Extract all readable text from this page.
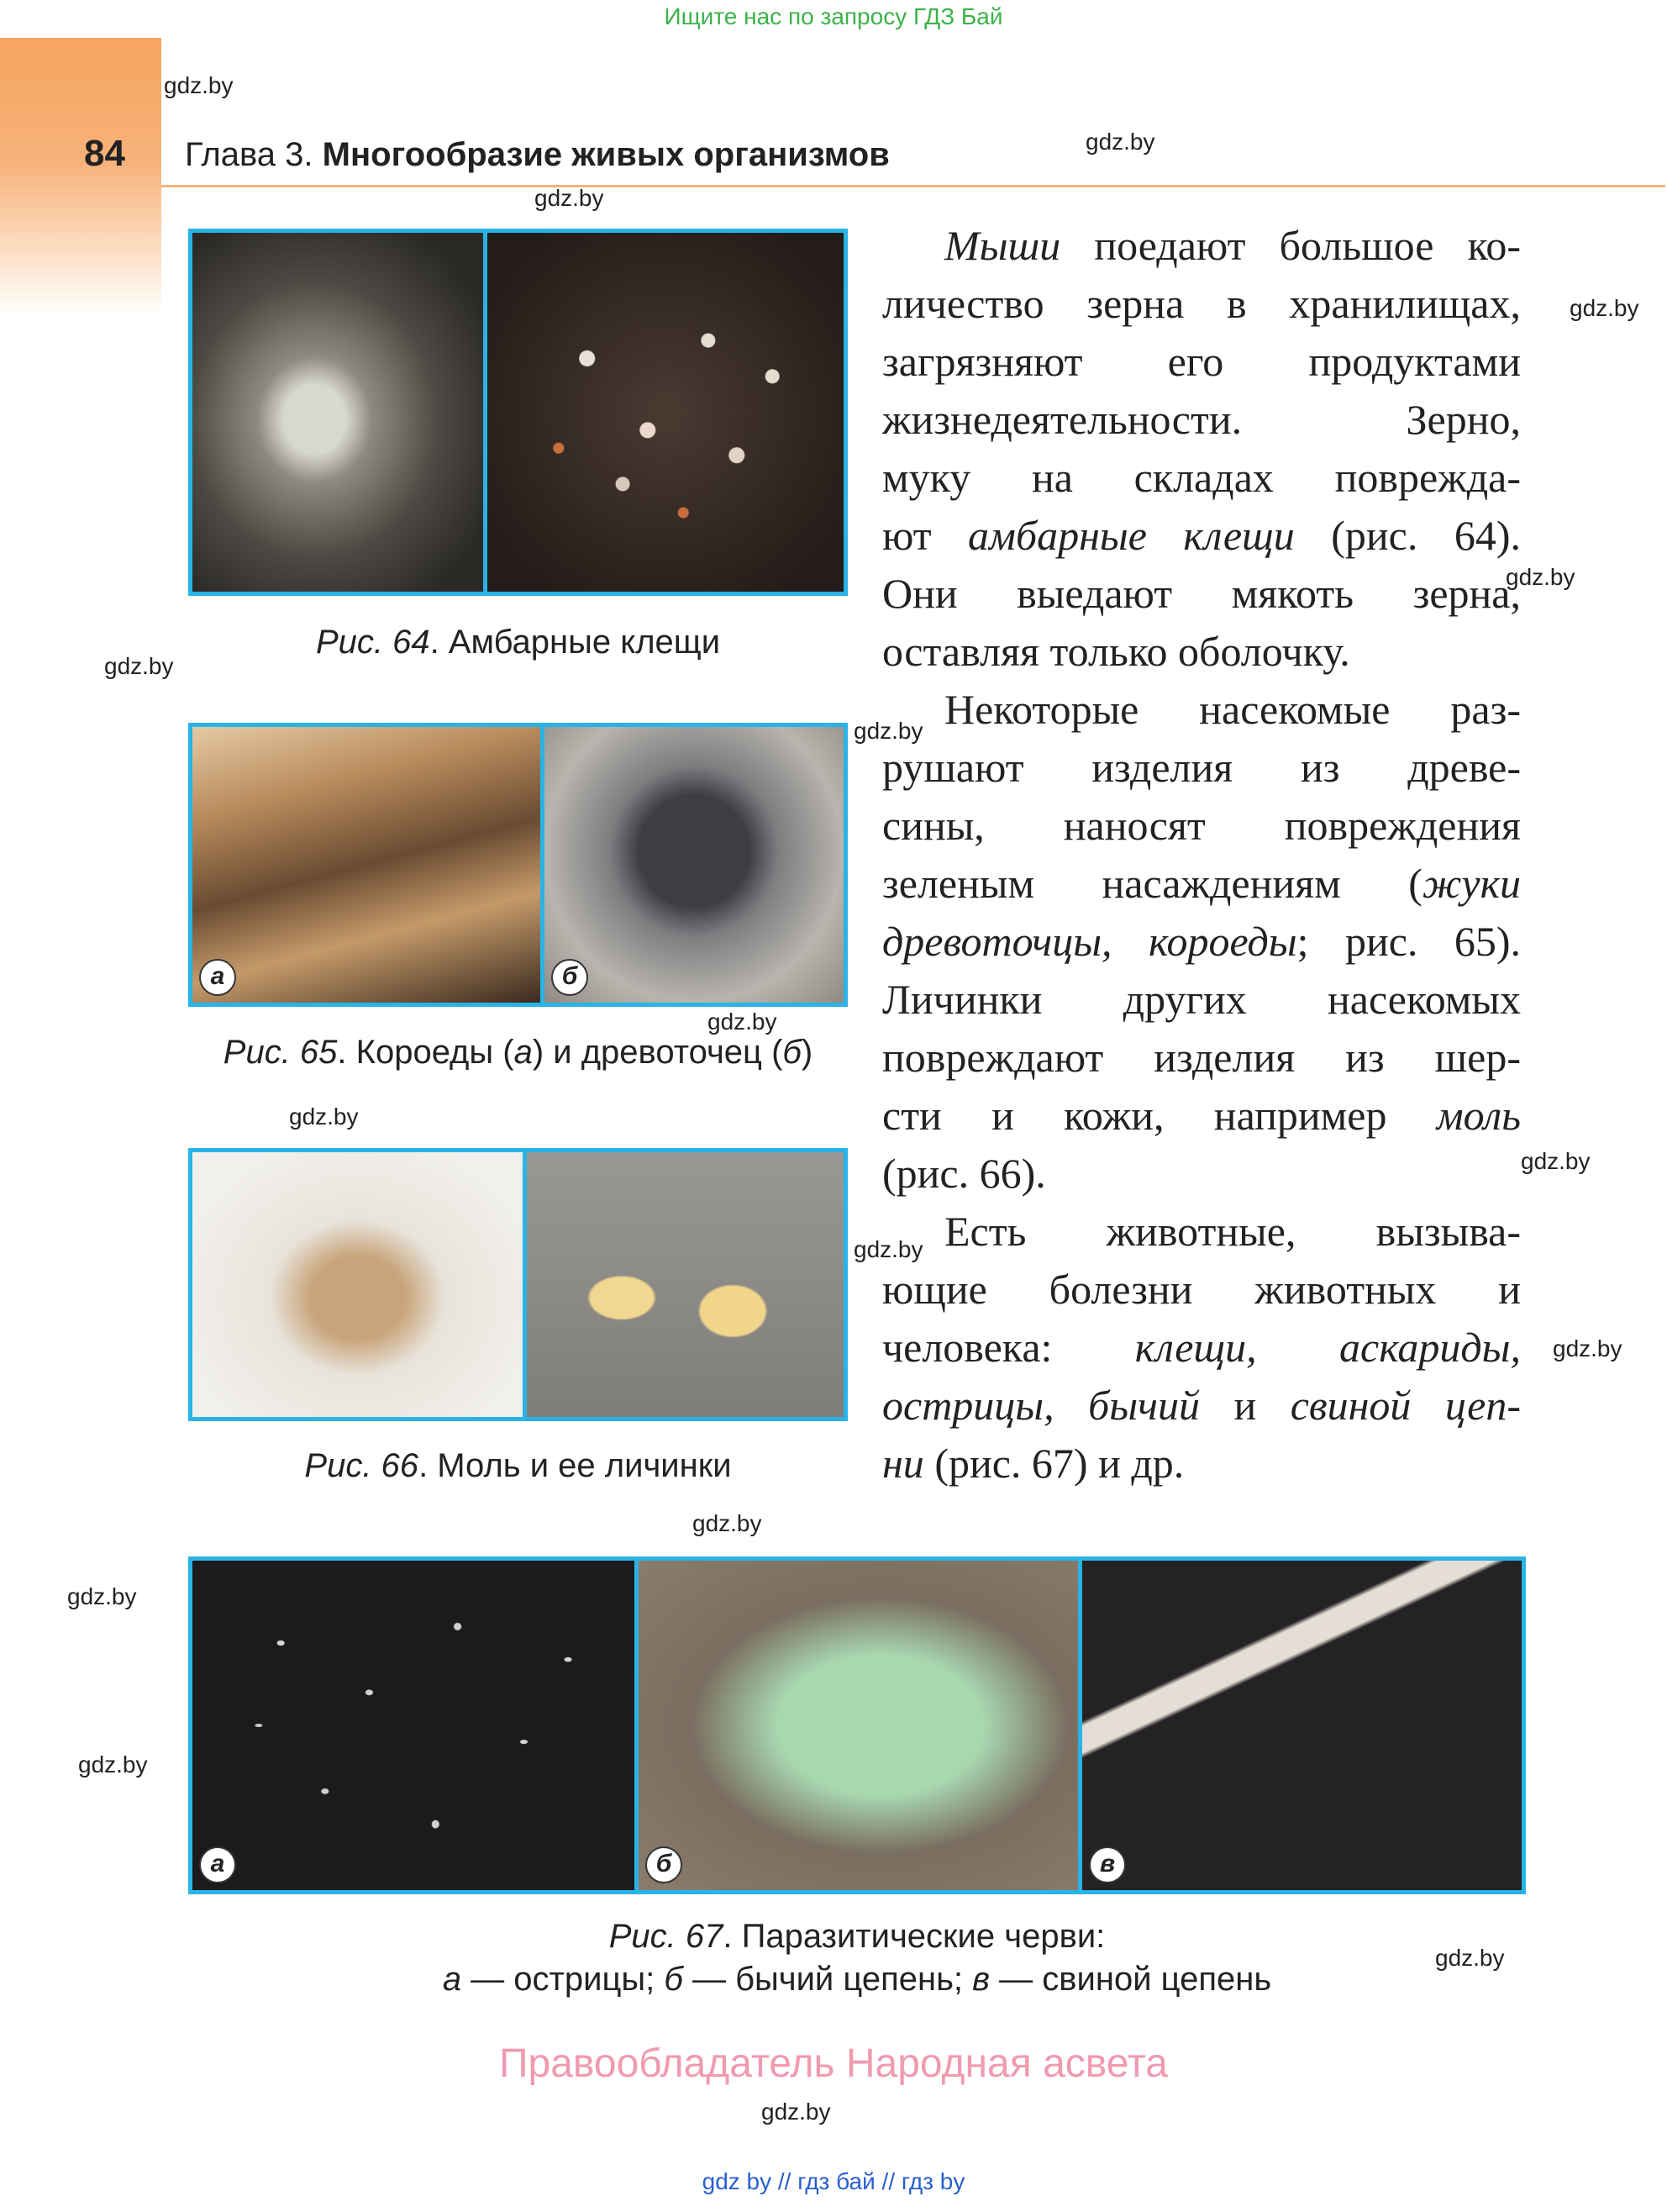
Ищите нас по запросу ГДЗ Бай
84 Глава 3. Многообразие живых организмов
gdz.by
gdz.by
gdz.by
gdz.by
gdz.by
gdz.by
gdz.by
gdz.by
gdz.by
gdz.by
gdz.by
gdz.by
gdz.by
gdz.by
gdz.by
gdz.by
gdz.by
Рис. 64. Амбарные клещи
а	б
Рис. 65. Короеды (а) и древоточец (б)
Рис. 66. Моль и ее личинки

Мыши поедают большое ко-

личество зерна в хранилищах,

загрязняют его продуктами

жизнедеятельности. Зерно,

муку на складах поврежда-

ют амбарные клещи (рис. 64).

Они выедают мякоть зерна,

оставляя только оболочку.

Некоторые насекомые раз-

рушают изделия из древе-

сины, наносят повреждения

зеленым насаждениям (жуки

древоточцы, короеды; рис. 65).

Личинки других насекомых

повреждают изделия из шер-

сти и кожи, например моль

(рис. 66).

Есть животные, вызыва-

ющие болезни животных и

человека: клещи, аскариды,

острицы, бычий и свиной цеп-

ни (рис. 67) и др.

а	б	в
Рис. 67. Паразитические черви:
а — острицы; б — бычий цепень; в — свиной цепень
Правообладатель Народная асвета
gdz by // гдз бай // гдз by
